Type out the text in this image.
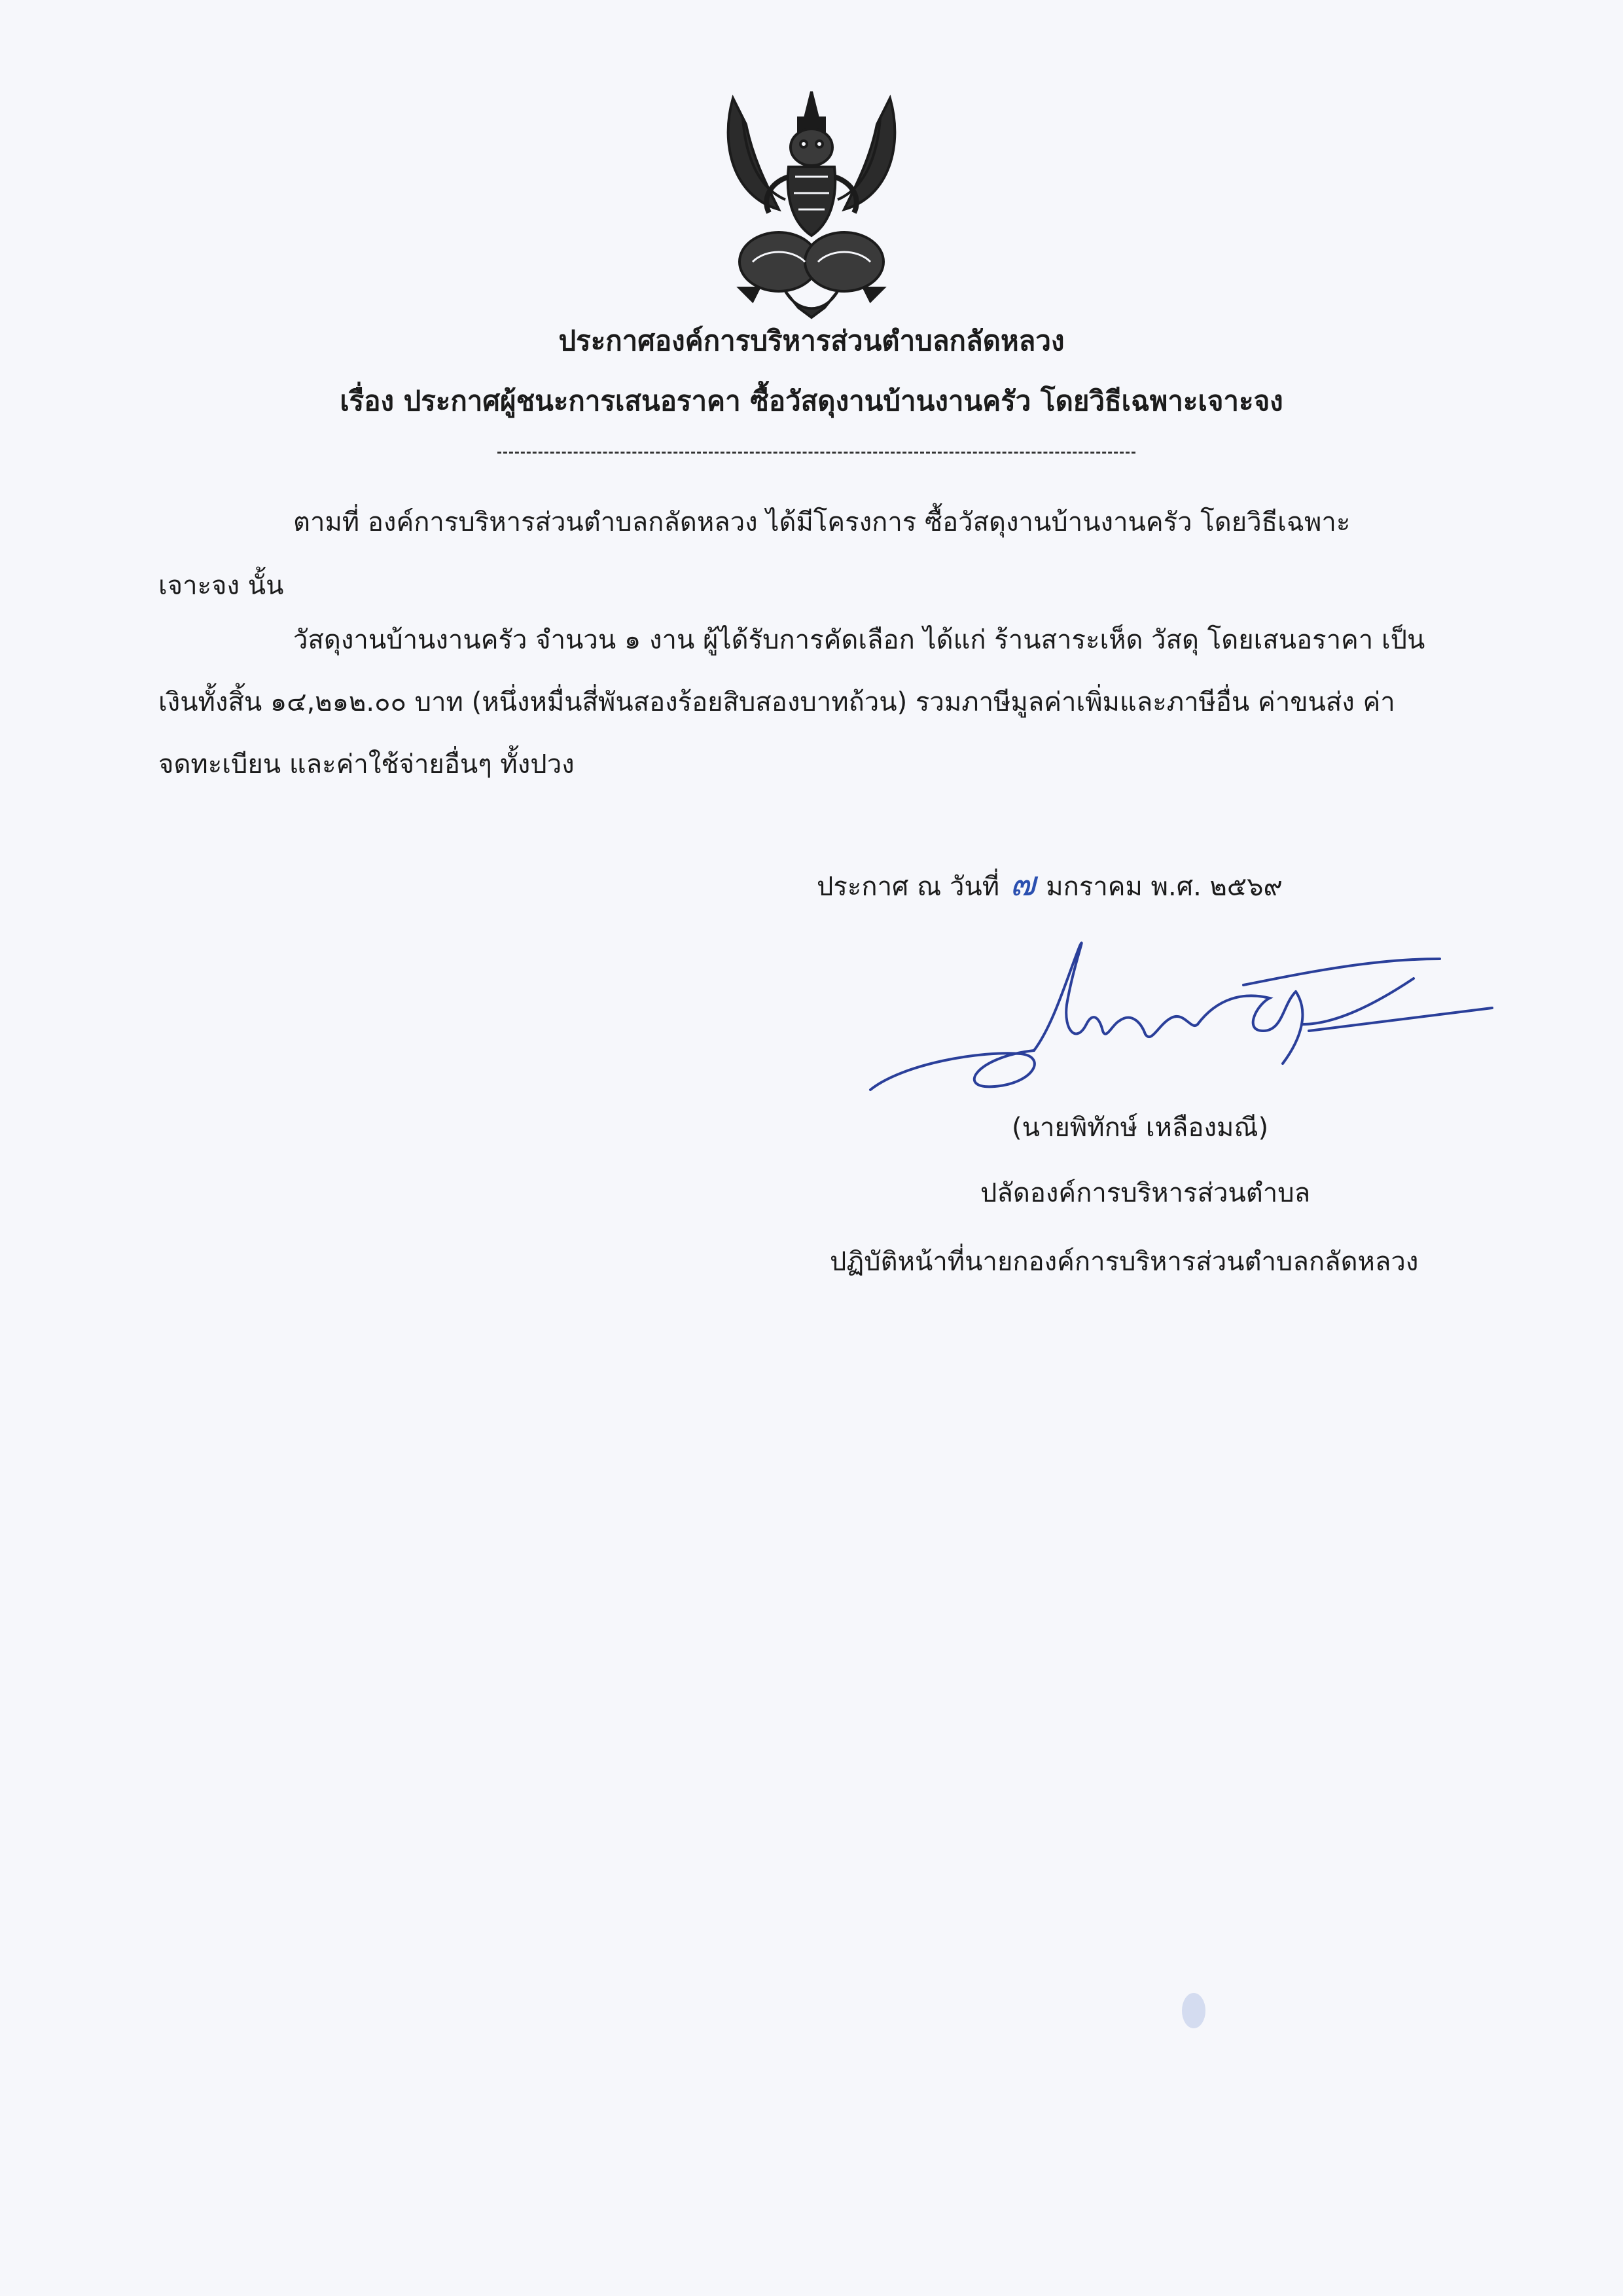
ประกาศองค์การบริหารส่วนตำบลกลัดหลวง
เรื่อง ประกาศผู้ชนะการเสนอราคา ซื้อวัสดุงานบ้านงานครัว โดยวิธีเฉพาะเจาะจง
ตามที่ องค์การบริหารส่วนตำบลกลัดหลวง ได้มีโครงการ ซื้อวัสดุงานบ้านงานครัว โดยวิธีเฉพาะ
เจาะจง นั้น
วัสดุงานบ้านงานครัว จำนวน ๑ งาน ผู้ได้รับการคัดเลือก ได้แก่ ร้านสาระเห็ด วัสดุ โดยเสนอราคา เป็น
เงินทั้งสิ้น ๑๔,๒๑๒.๐๐ บาท (หนึ่งหมื่นสี่พันสองร้อยสิบสองบาทถ้วน) รวมภาษีมูลค่าเพิ่มและภาษีอื่น ค่าขนส่ง ค่า
จดทะเบียน และค่าใช้จ่ายอื่นๆ ทั้งปวง
ประกาศ ณ วันที่ ๗ มกราคม พ.ศ. ๒๕๖๙
(นายพิทักษ์ เหลืองมณี)
ปลัดองค์การบริหารส่วนตำบล
ปฏิบัติหน้าที่นายกองค์การบริหารส่วนตำบลกลัดหลวง
